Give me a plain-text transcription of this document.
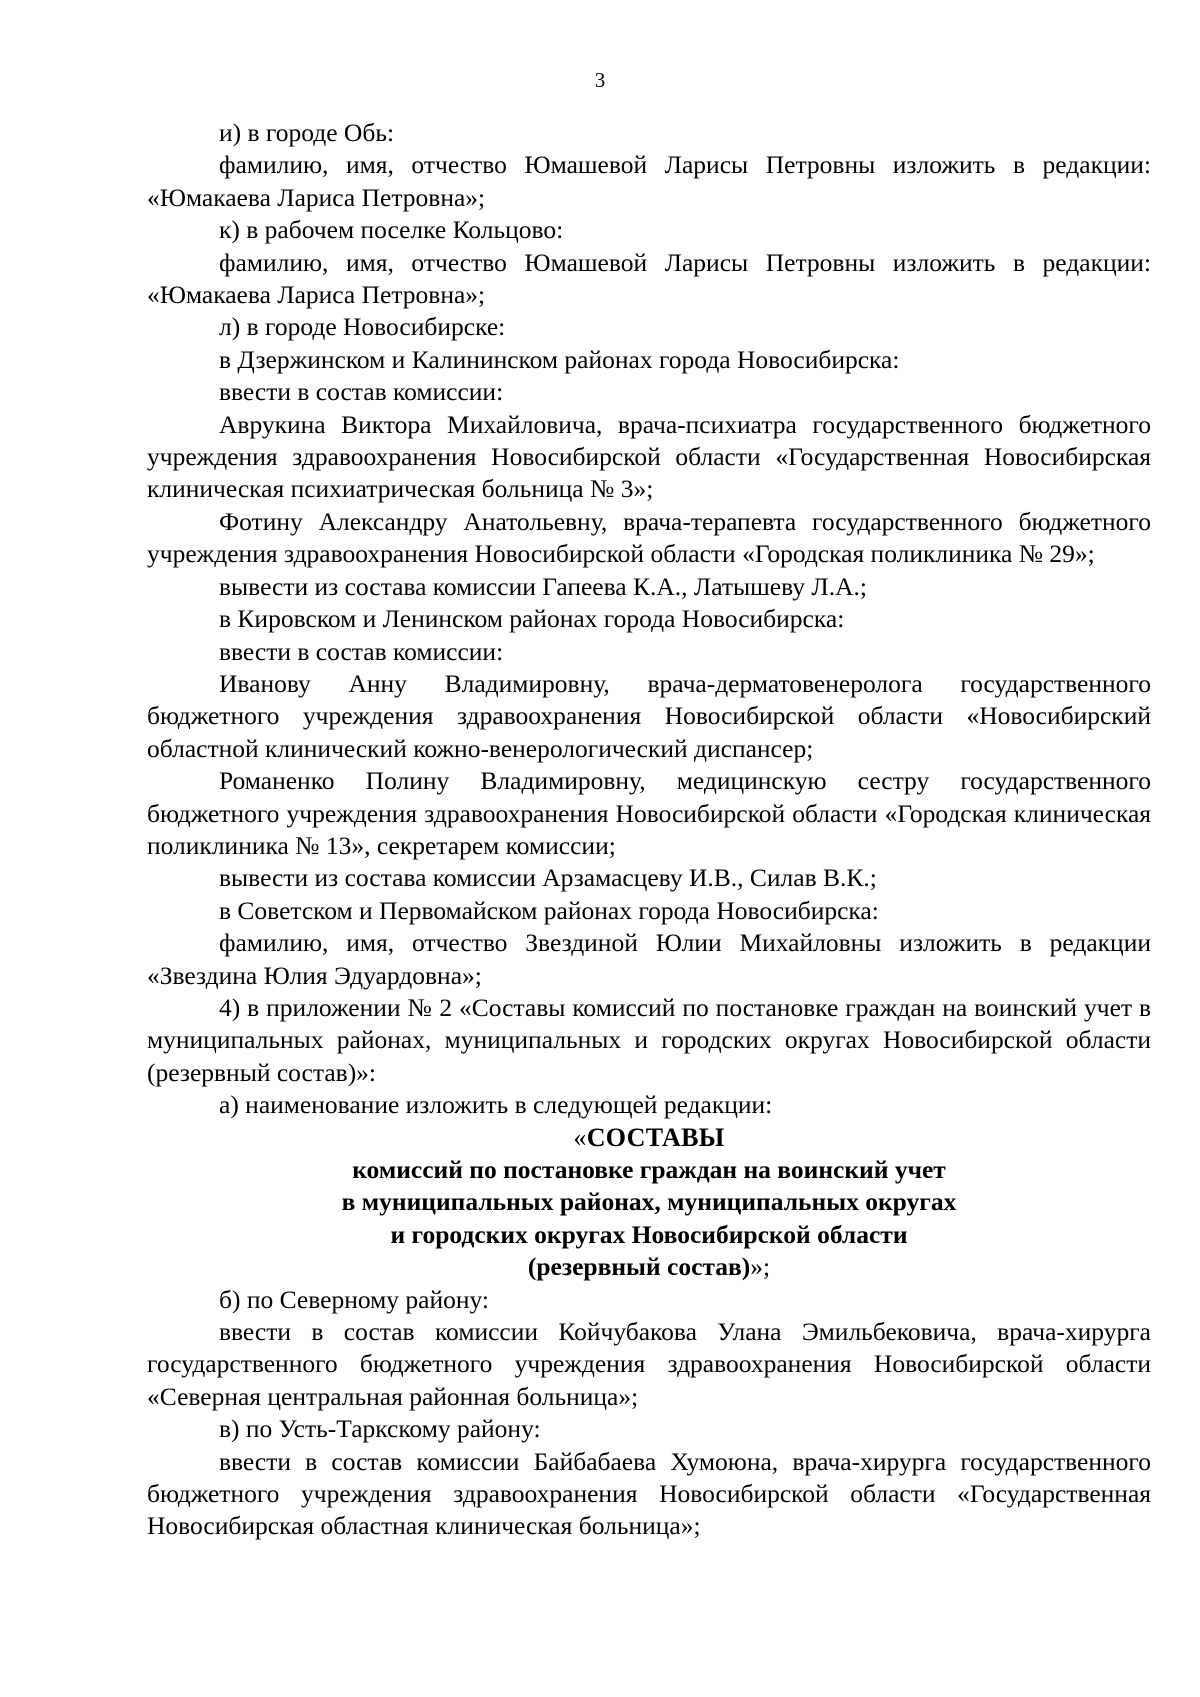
3

и) в городе Обь:

фамилию, имя, отчество Юмашевой Ларисы Петровны изложить в редакции: «Юмакаева Лариса Петровна»;

к) в рабочем поселке Кольцово:

фамилию, имя, отчество Юмашевой Ларисы Петровны изложить в редакции: «Юмакаева Лариса Петровна»;

л) в городе Новосибирске:

в Дзержинском и Калининском районах города Новосибирска:

ввести в состав комиссии:

Аврукина Виктора Михайловича, врача-психиатра государственного бюджетного учреждения здравоохранения Новосибирской области «Государственная Новосибирская клиническая психиатрическая больница № 3»;

Фотину Александру Анатольевну, врача-терапевта государственного бюджетного учреждения здравоохранения Новосибирской области «Городская поликлиника № 29»;

вывести из состава комиссии Гапеева К.А., Латышеву Л.А.;

в Кировском и Ленинском районах города Новосибирска:

ввести в состав комиссии:

Иванову Анну Владимировну, врача-дерматовенеролога государственного бюджетного учреждения здравоохранения Новосибирской области «Новосибирский областной клинический кожно-венерологический диспансер;

Романенко Полину Владимировну, медицинскую сестру государственного бюджетного учреждения здравоохранения Новосибирской области «Городская клиническая поликлиника № 13», секретарем комиссии;

вывести из состава комиссии Арзамасцеву И.В., Силав В.К.;

в Советском и Первомайском районах города Новосибирска:

фамилию, имя, отчество Звездиной Юлии Михайловны изложить в редакции «Звездина Юлия Эдуардовна»;

4) в приложении № 2 «Составы комиссий по постановке граждан на воинский учет в муниципальных районах, муниципальных и городских округах Новосибирской области (резервный состав)»:

а) наименование изложить в следующей редакции:

«СОСТАВЫ

комиссий по постановке граждан на воинский учет

в муниципальных районах, муниципальных округах

и городских округах Новосибирской области

(резервный состав)»;

б) по Северному району:

ввести в состав комиссии Койчубакова Улана Эмильбековича, врача-хирурга государственного бюджетного учреждения здравоохранения Новосибирской области «Северная центральная районная больница»;

в) по Усть-Таркскому району:

ввести в состав комиссии Байбабаева Хумоюна, врача-хирурга государственного бюджетного учреждения здравоохранения Новосибирской области «Государственная Новосибирская областная клиническая больница»;
